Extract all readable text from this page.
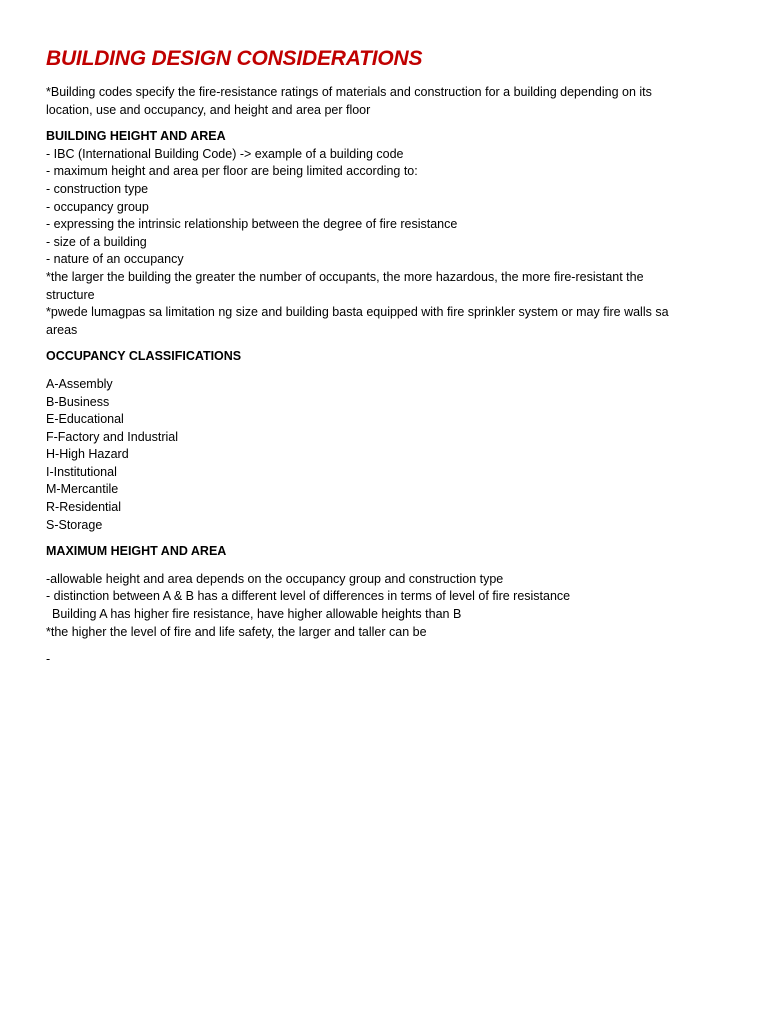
BUILDING DESIGN CONSIDERATIONS

*Building codes specify the fire-resistance ratings of materials and construction for a building depending on its

location, use and occupancy, and height and area per floor

BUILDING HEIGHT AND AREA

- IBC (International Building Code) -> example of a building code

- maximum height and area per floor are being limited according to:

- construction type
- occupancy group
- expressing the intrinsic relationship between the degree of fire resistance
- size of a building
- nature of an occupancy

*the larger the building the greater the number of occupants, the more hazardous, the more fire-resistant the

structure

*pwede lumagpas sa limitation ng size and building basta equipped with fire sprinkler system or may fire walls sa

areas

OCCUPANCY CLASSIFICATIONS

A-Assembly
B-Business
E-Educational
F-Factory and Industrial
H-High Hazard
I-Institutional
M-Mercantile
R-Residential
S-Storage

MAXIMUM HEIGHT AND AREA

-allowable height and area depends on the occupancy group and construction type

- distinction between A & B has a different level of differences in terms of level of fire resistance

Building A has higher fire resistance, have higher allowable heights than B

*the higher the level of fire and life safety, the larger and taller can be

-
